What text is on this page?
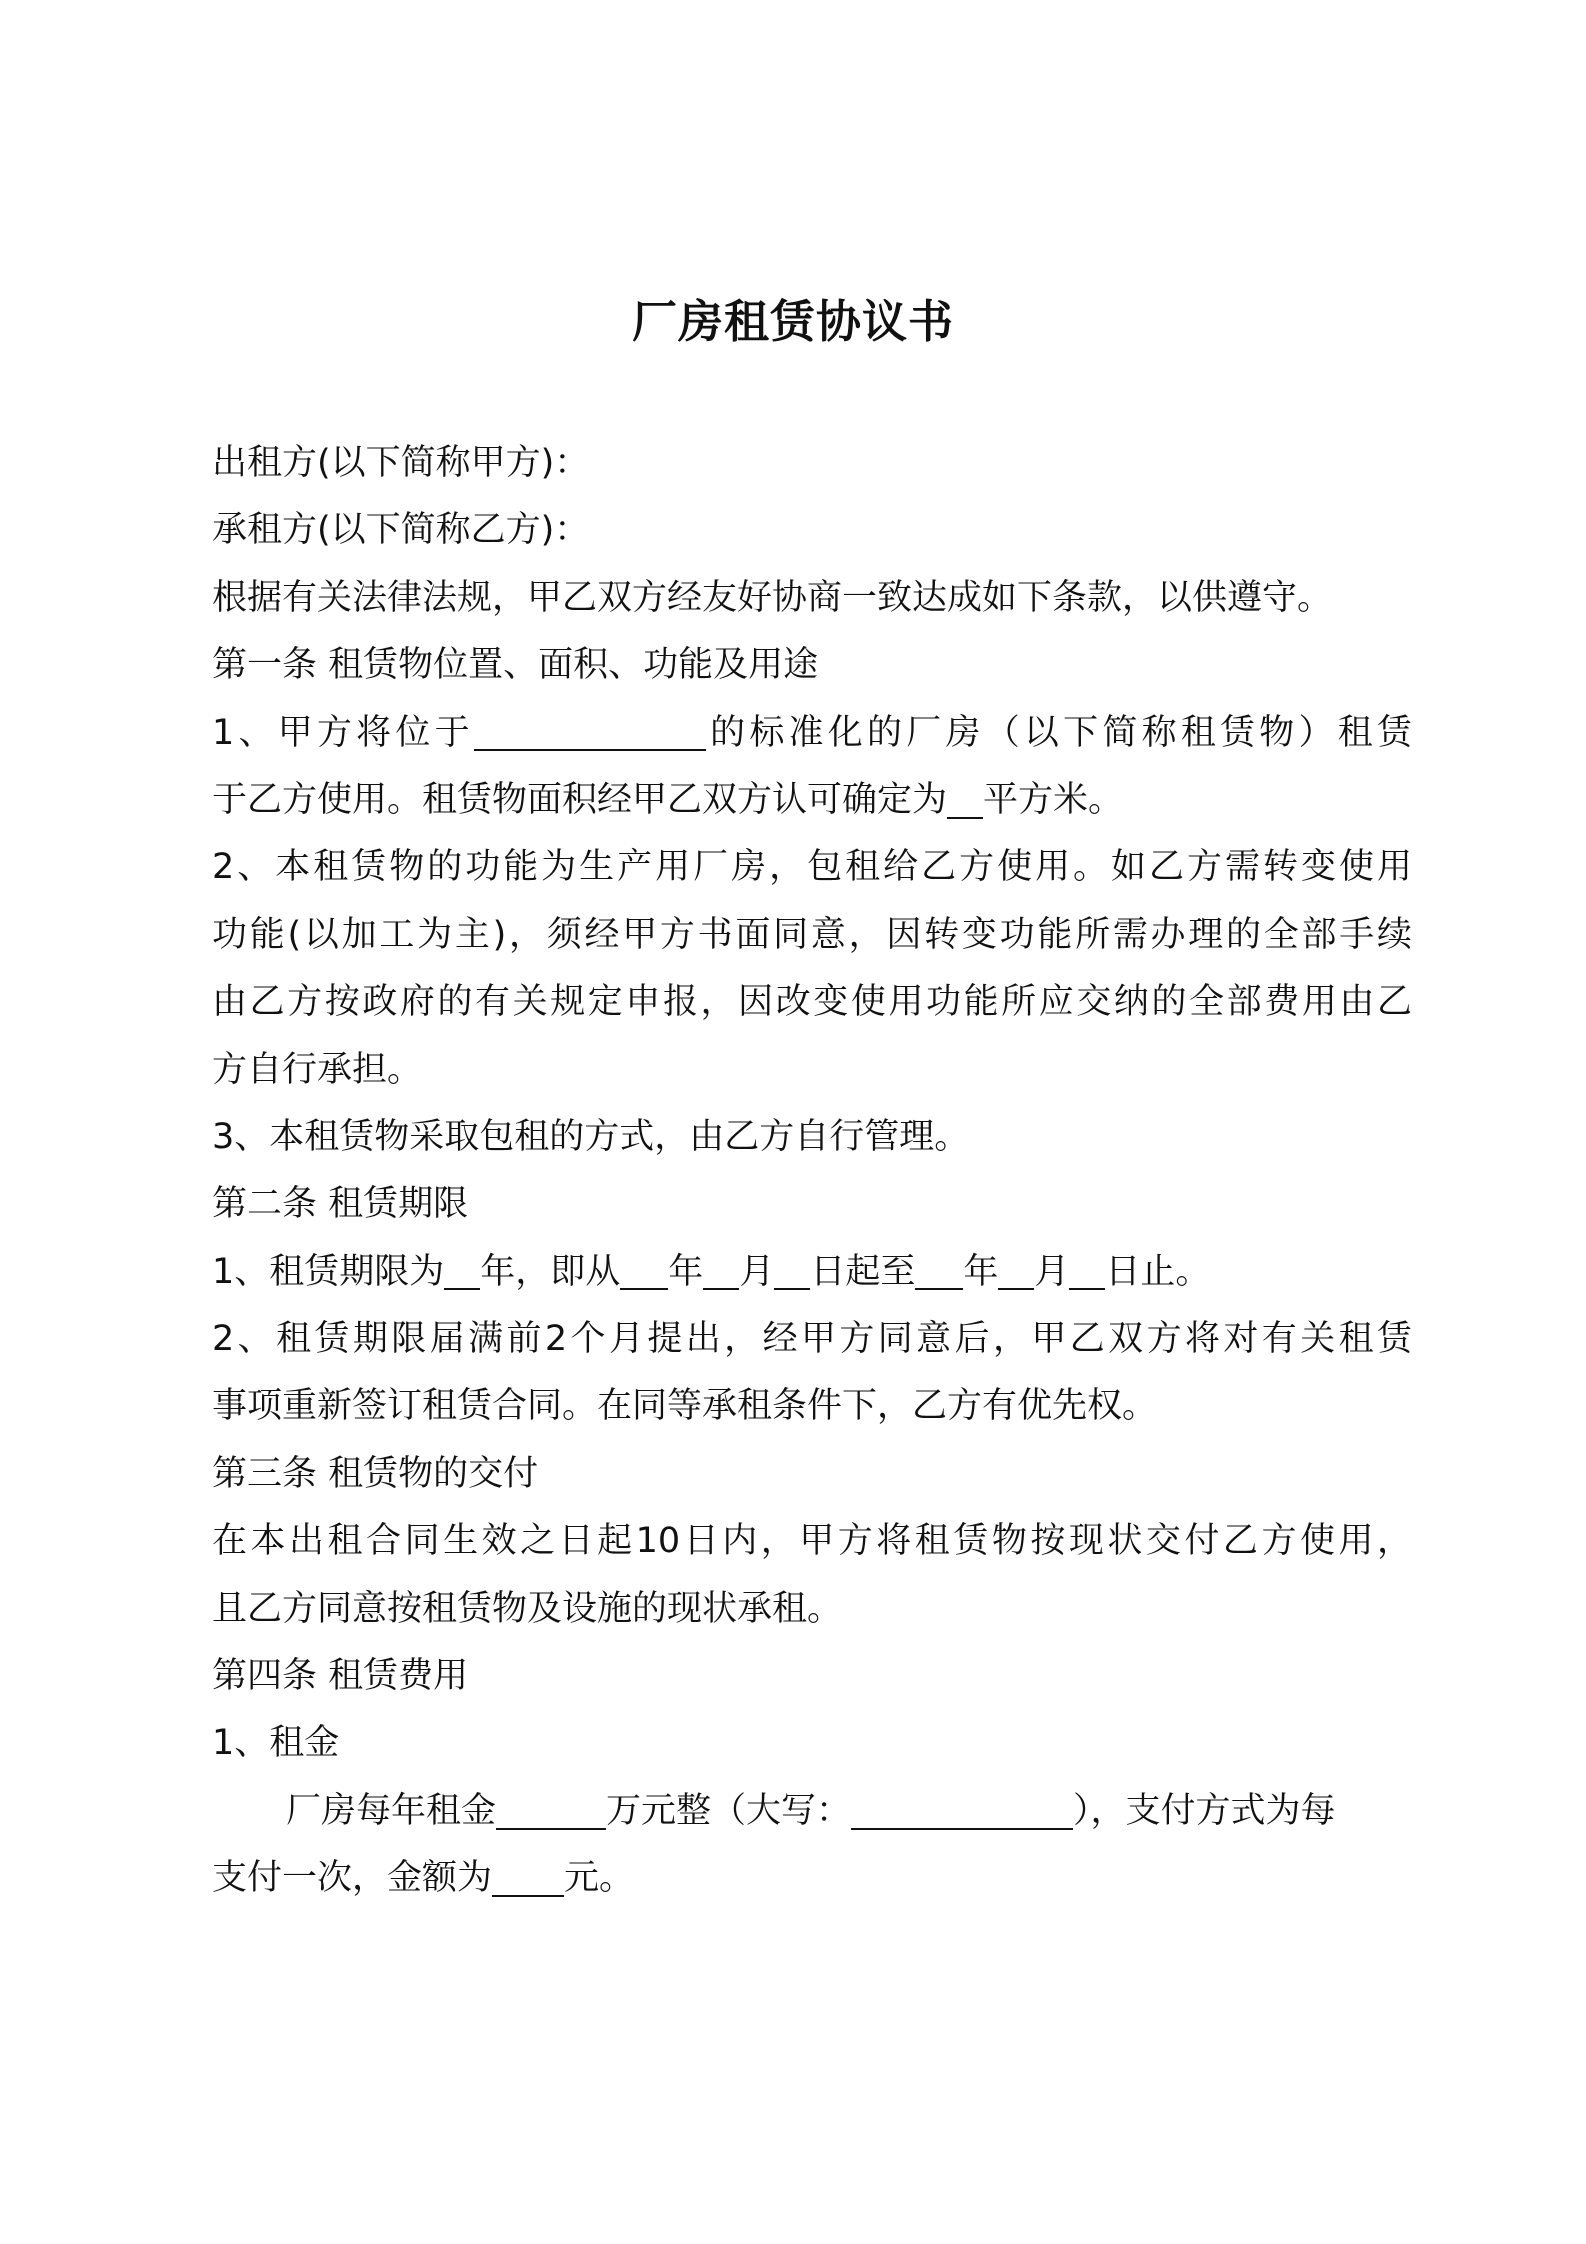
厂房租赁协议书
出租方(以下简称甲方)：
承租方(以下简称乙方)：
根据有关法律法规，甲乙双方经友好协商一致达成如下条款，以供遵守。
第一条 租赁物位置、面积、功能及用途
1、甲方将位于	的标准化的厂房（以下简称租赁物）租赁
于乙方使用。租赁物面积经甲乙双方认可确定为 平方米。
2、本租赁物的功能为生产用厂房，包租给乙方使用。如乙方需转变使用
功能(以加工为主)，须经甲方书面同意，因转变功能所需办理的全部手续
由乙方按政府的有关规定申报，因改变使用功能所应交纳的全部费用由乙
方自行承担。
3、本租赁物采取包租的方式，由乙方自行管理。
第二条 租赁期限
1、租赁期限为 年，即从 年 月 日起至 年 月 日止。
2、租赁期限届满前2个月提出，经甲方同意后，甲乙双方将对有关租赁
事项重新签订租赁合同。在同等承租条件下，乙方有优先权。
第三条 租赁物的交付
在本出租合同生效之日起10日内，甲方将租赁物按现状交付乙方使用，
且乙方同意按租赁物及设施的现状承租。
第四条 租赁费用
1、租金
厂房每年租金	万元整（大写：	），支付方式为每
支付一次，金额为 元。
